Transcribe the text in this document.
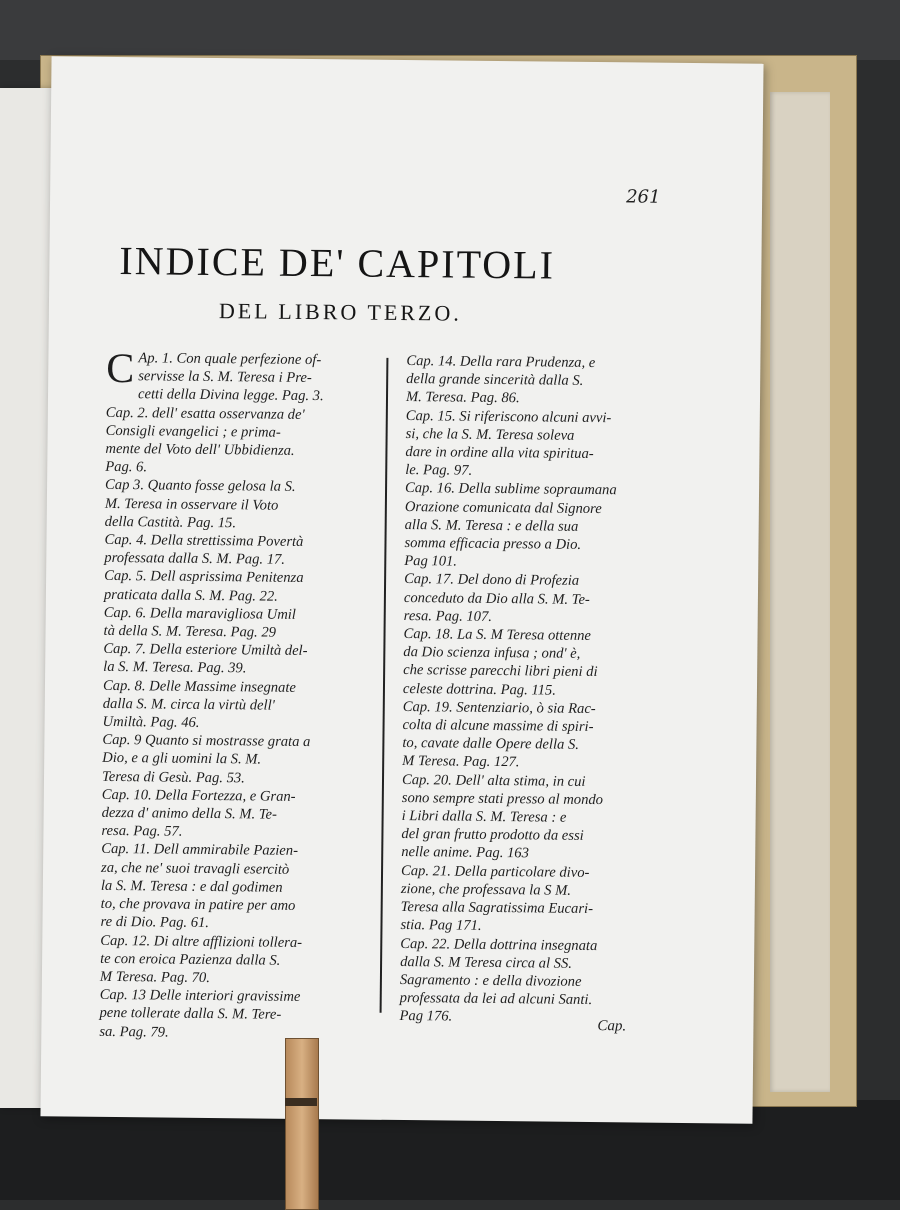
261
INDICE DE' CAPITOLI
DEL LIBRO TERZO.
C Ap. 1. Con quale perfezione of-
servisse la S. M. Teresa i Pre-
cetti della Divina legge. Pag. 3.
Cap. 2. dell' esatta osservanza de'
Consigli evangelici ; e prima-
mente del Voto dell' Ubbidienza.
Pag. 6.
Cap 3. Quanto fosse gelosa la S.
M. Teresa in osservare il Voto
della Castità. Pag. 15.
Cap. 4. Della strettissima Povertà
professata dalla S. M. Pag. 17.
Cap. 5. Dell asprissima Penitenza
praticata dalla S. M. Pag. 22.
Cap. 6. Della maravigliosa Umil
tà della S. M. Teresa. Pag. 29
Cap. 7. Della esteriore Umiltà del-
la S. M. Teresa. Pag. 39.
Cap. 8. Delle Massime insegnate
dalla S. M. circa la virtù dell'
Umiltà. Pag. 46.
Cap. 9 Quanto si mostrasse grata a
Dio, e a gli uomini la S. M.
Teresa di Gesù. Pag. 53.
Cap. 10. Della Fortezza, e Gran-
dezza d' animo della S. M. Te-
resa. Pag. 57.
Cap. 11. Dell ammirabile Pazien-
za, che ne' suoi travagli esercitò
la S. M. Teresa : e dal godimen
to, che provava in patire per amo
re di Dio. Pag. 61.
Cap. 12. Di altre afflizioni tollera-
te con eroica Pazienza dalla S.
M Teresa. Pag. 70.
Cap. 13 Delle interiori gravissime
pene tollerate dalla S. M. Tere-
sa. Pag. 79.
Cap. 14. Della rara Prudenza, e
della grande sincerità dalla S.
M. Teresa. Pag. 86.
Cap. 15. Si riferiscono alcuni avvi-
si, che la S. M. Teresa soleva
dare in ordine alla vita spiritua-
le. Pag. 97.
Cap. 16. Della sublime sopraumana
Orazione comunicata dal Signore
alla S. M. Teresa : e della sua
somma efficacia presso a Dio.
Pag 101.
Cap. 17. Del dono di Profezia
conceduto da Dio alla S. M. Te-
resa. Pag. 107.
Cap. 18. La S. M Teresa ottenne
da Dio scienza infusa ; ond' è,
che scrisse parecchi libri pieni di
celeste dottrina. Pag. 115.
Cap. 19. Sentenziario, ò sia Rac-
colta di alcune massime di spiri-
to, cavate dalle Opere della S.
M Teresa. Pag. 127.
Cap. 20. Dell' alta stima, in cui
sono sempre stati presso al mondo
i Libri dalla S. M. Teresa : e
del gran frutto prodotto da essi
nelle anime. Pag. 163
Cap. 21. Della particolare divo-
zione, che professava la S M.
Teresa alla Sagratissima Eucari-
stia. Pag 171.
Cap. 22. Della dottrina insegnata
dalla S. M Teresa circa al SS.
Sagramento : e della divozione
professata da lei ad alcuni Santi.
Pag 176.
Cap.
